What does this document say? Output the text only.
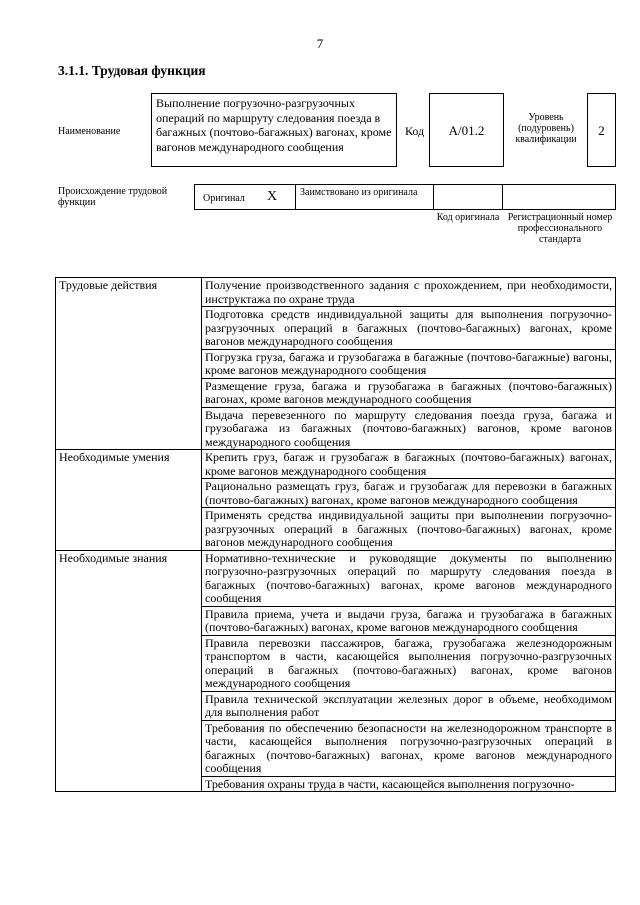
7
3.1.1. Трудовая функция
Наименование
Выполнение погрузочно-разгрузочных операций по маршруту следования поезда в багажных (почтово-багажных) вагонах, кроме вагонов международного сообщения
Код	А/01.2
Уровень (подуровень) квалификации
2
Происхождение трудовой функции	Оригинал X Заимствовано из оригинала
Код оригинала Регистрационный номер профессионального стандарта
Трудовые действия	Получение производственного задания с прохождением, при необходимости, инструктажа по охране труда
	Подготовка средств индивидуальной защиты для выполнения погрузочно-разгрузочных операций в багажных (почтово-багажных) вагонах, кроме вагонов международного сообщения
	Погрузка груза, багажа и грузобагажа в багажные (почтово-багажные) вагоны, кроме вагонов международного сообщения
	Размещение груза, багажа и грузобагажа в багажных (почтово-багажных) вагонах, кроме вагонов международного сообщения
	Выдача перевезенного по маршруту следования поезда груза, багажа и грузобагажа из багажных (почтово-багажных) вагонов, кроме вагонов международного сообщения
Необходимые умения	Крепить груз, багаж и грузобагаж в багажных (почтово-багажных) вагонах, кроме вагонов международного сообщения
	Рационально размещать груз, багаж и грузобагаж для перевозки в багажных (почтово-багажных) вагонах, кроме вагонов международного сообщения
	Применять средства индивидуальной защиты при выполнении погрузочно-разгрузочных операций в багажных (почтово-багажных) вагонах, кроме вагонов международного сообщения
Необходимые знания	Нормативно-технические и руководящие документы по выполнению погрузочно-разгрузочных операций по маршруту следования поезда в багажных (почтово-багажных) вагонах, кроме вагонов международного сообщения
	Правила приема, учета и выдачи груза, багажа и грузобагажа в багажных (почтово-багажных) вагонах, кроме вагонов международного сообщения
	Правила перевозки пассажиров, багажа, грузобагажа железнодорожным транспортом в части, касающейся выполнения погрузочно-разгрузочных операций в багажных (почтово-багажных) вагонах, кроме вагонов международного сообщения
	Правила технической эксплуатации железных дорог в объеме, необходимом для выполнения работ
	Требования по обеспечению безопасности на железнодорожном транспорте в части, касающейся выполнения погрузочно-разгрузочных операций в багажных (почтово-багажных) вагонах, кроме вагонов международного сообщения
	Требования охраны труда в части, касающейся выполнения погрузочно-
